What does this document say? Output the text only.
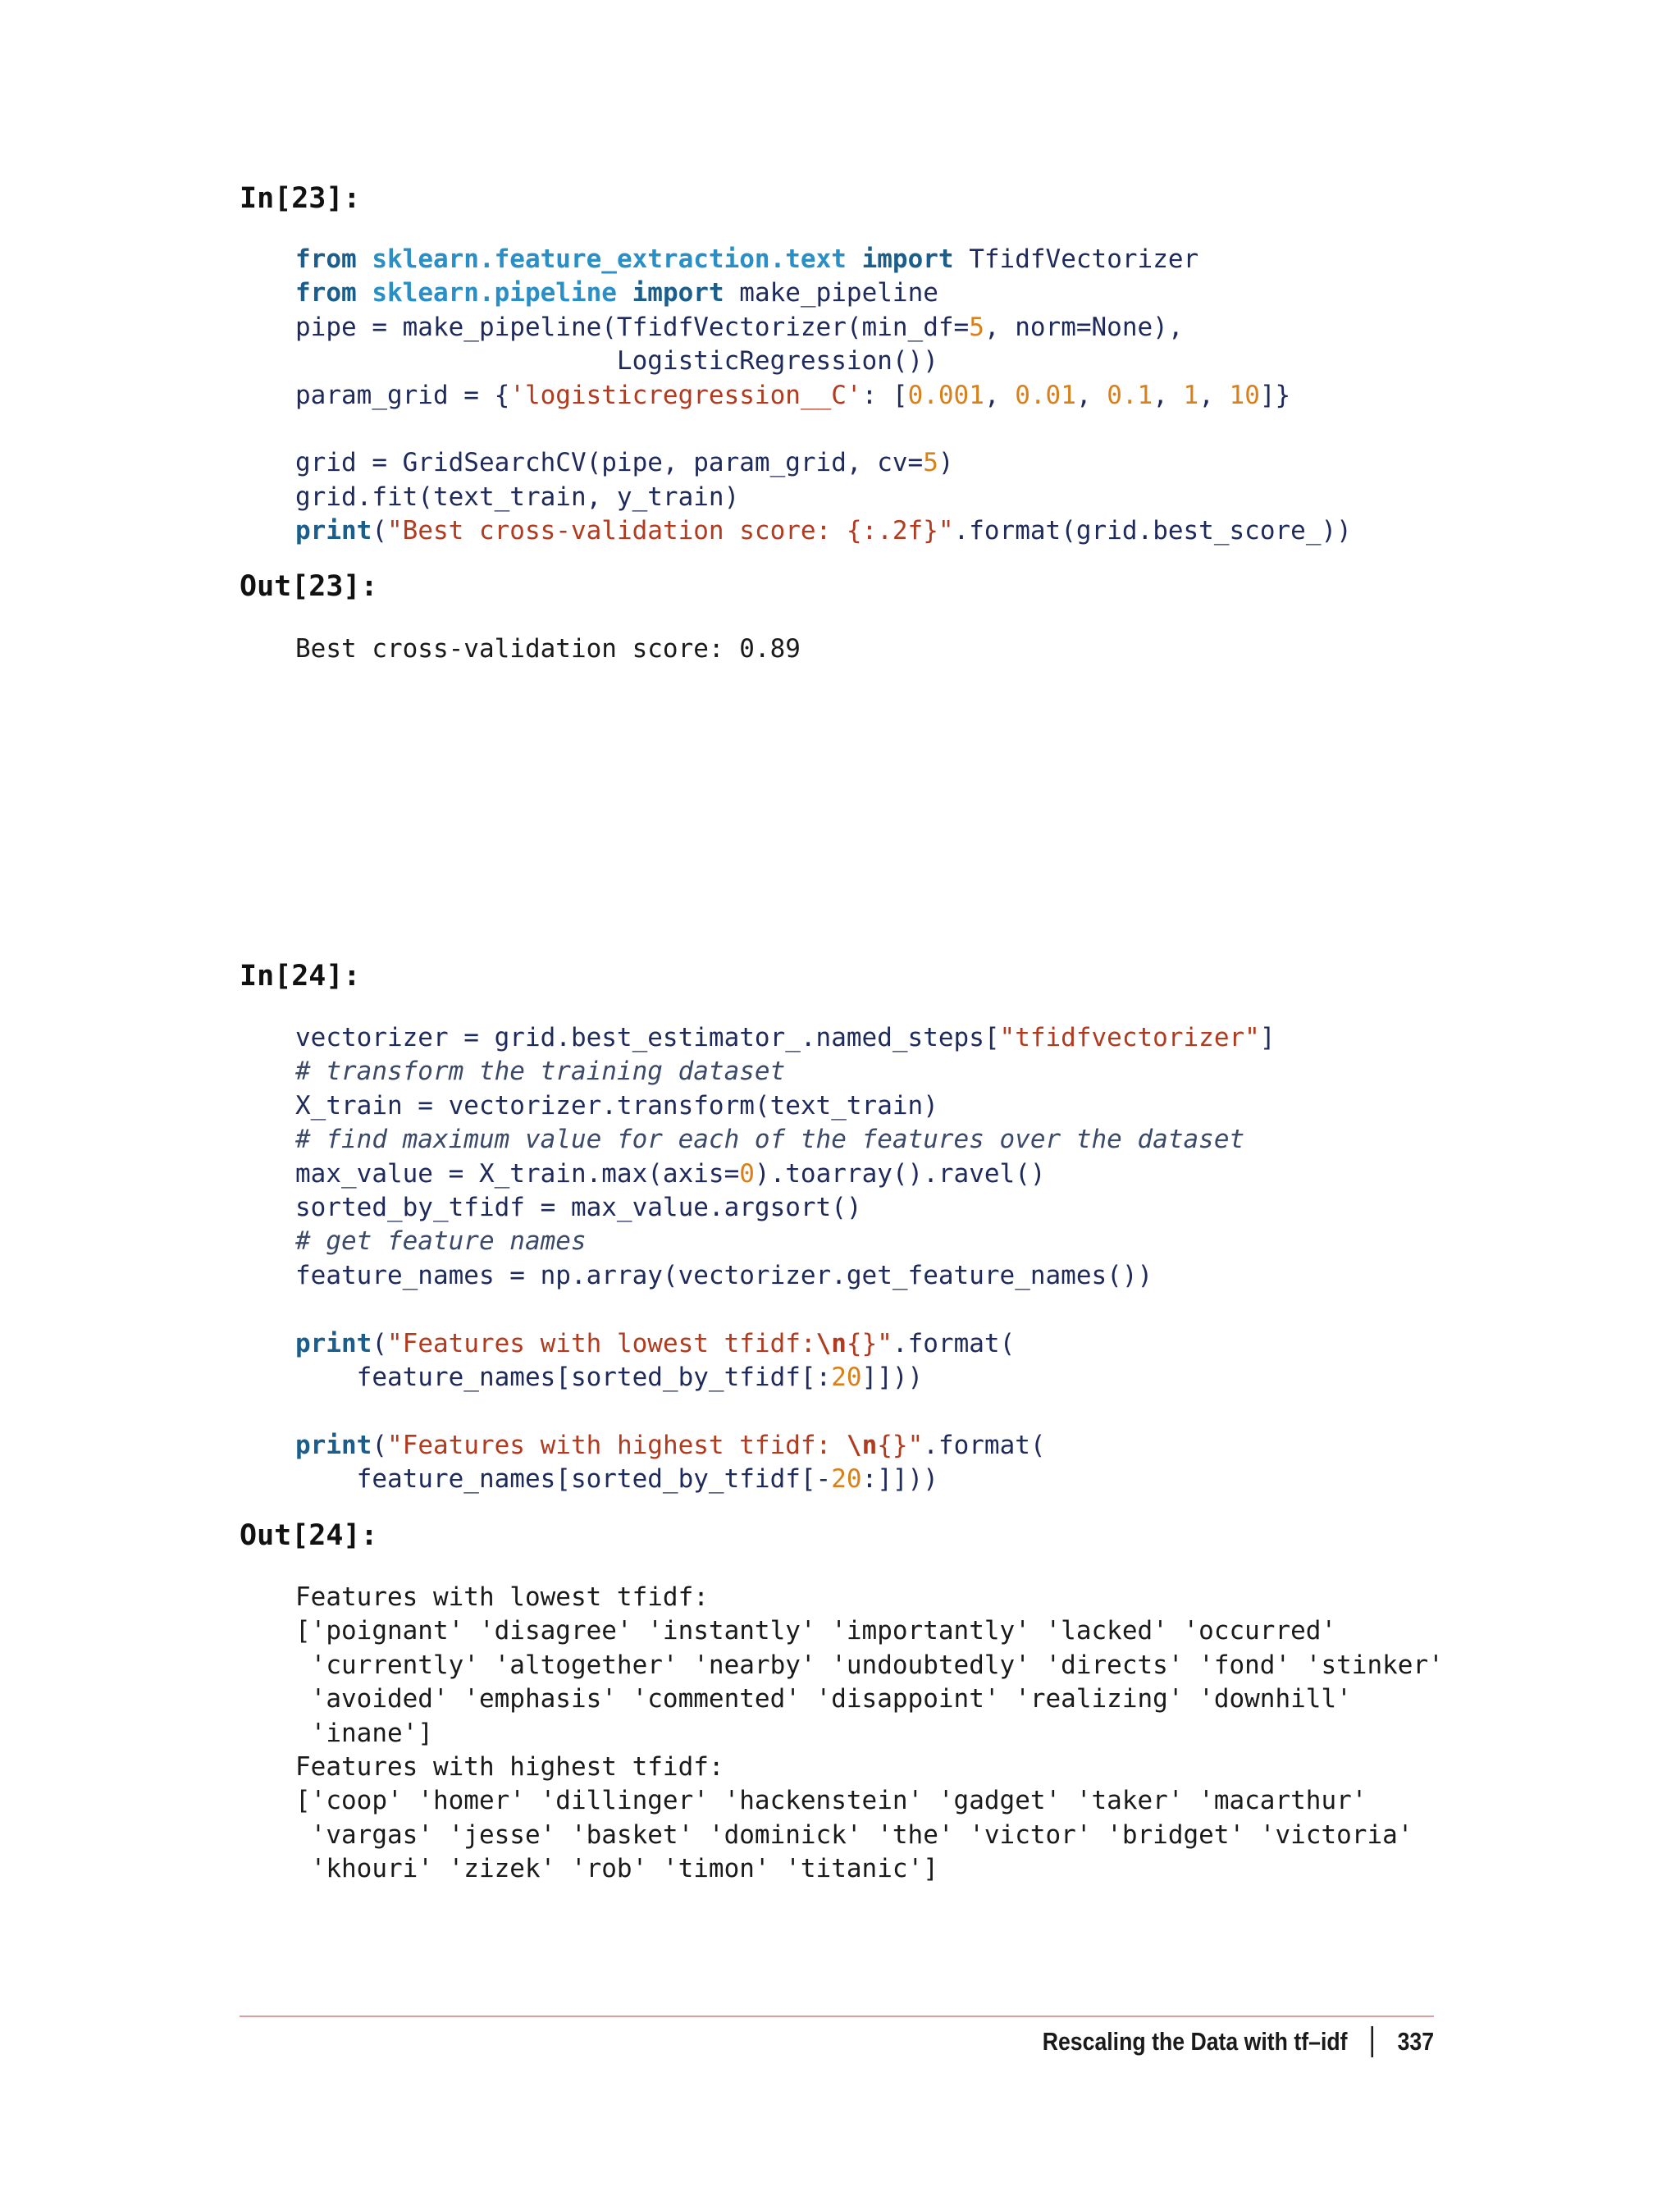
In[23]:
from sklearn.feature_extraction.text import TfidfVectorizer
from sklearn.pipeline import make_pipeline
pipe = make_pipeline(TfidfVectorizer(min_df=5, norm=None),
LogisticRegression())
param_grid = {'logisticregression__C': [0.001, 0.01, 0.1, 1, 10]}

grid = GridSearchCV(pipe, param_grid, cv=5)
grid.fit(text_train, y_train)
print("Best cross-validation score: {:.2f}".format(grid.best_score_))
Out[23]:
Best cross-validation score: 0.89

In[24]:
vectorizer = grid.best_estimator_.named_steps["tfidfvectorizer"]
# transform the training dataset
X_train = vectorizer.transform(text_train)
# find maximum value for each of the features over the dataset
max_value = X_train.max(axis=0).toarray().ravel()
sorted_by_tfidf = max_value.argsort()
# get feature names
feature_names = np.array(vectorizer.get_feature_names())

print("Features with lowest tfidf:\n{}".format(
feature_names[sorted_by_tfidf[:20]]))

print("Features with highest tfidf: \n{}".format(
feature_names[sorted_by_tfidf[-20:]]))
Out[24]:
Features with lowest tfidf:
['poignant' 'disagree' 'instantly' 'importantly' 'lacked' 'occurred'
'currently' 'altogether' 'nearby' 'undoubtedly' 'directs' 'fond' 'stinker'
'avoided' 'emphasis' 'commented' 'disappoint' 'realizing' 'downhill'
'inane']
Features with highest tfidf:
['coop' 'homer' 'dillinger' 'hackenstein' 'gadget' 'taker' 'macarthur'
'vargas' 'jesse' 'basket' 'dominick' 'the' 'victor' 'bridget' 'victoria'
'khouri' 'zizek' 'rob' 'timon' 'titanic']
Rescaling the Data with tf–idf 337
